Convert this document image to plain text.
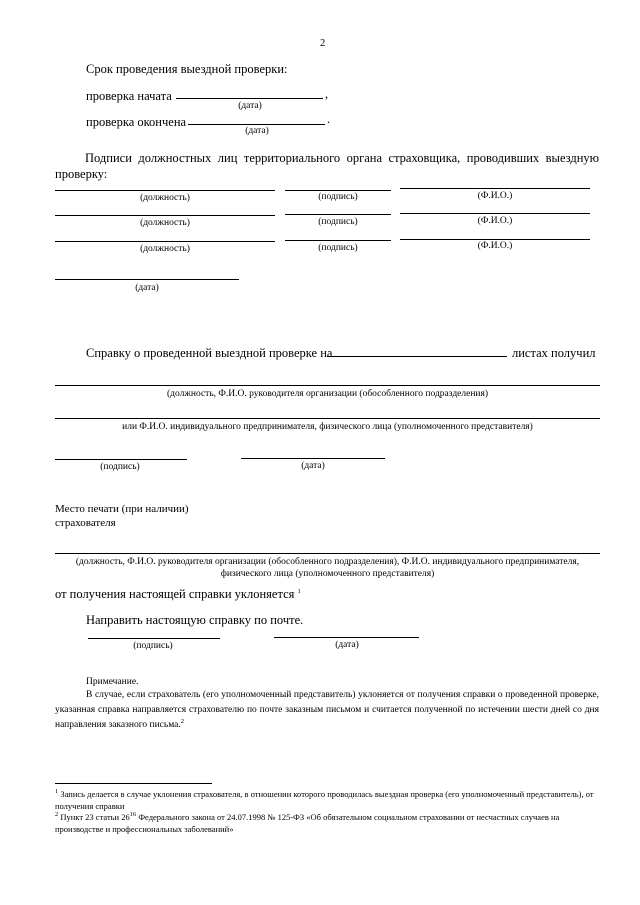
2
Срок проведения выездной проверки:
проверка начата	,
(дата)
проверка окончена	.
(дата)
Подписи должностных лиц территориального органа страховщика, проводивших выездную проверку:
(должность)	(подпись)	(Ф.И.О.)
(должность)	(подпись)	(Ф.И.О.)
(должность)	(подпись)	(Ф.И.О.)
(дата)
Справку о проведенной выездной проверке на	листах получил
(должность, Ф.И.О. руководителя организации (обособленного подразделения)
или Ф.И.О. индивидуального предпринимателя, физического лица (уполномоченного представителя)
(подпись)	(дата)
Место печати (при наличии)
страхователя
(должность, Ф.И.О. руководителя организации (обособленного подразделения), Ф.И.О. индивидуального предпринимателя,
физического лица (уполномоченного представителя)
от получения настоящей справки уклоняется $^1$
Направить настоящую справку по почте.
(подпись)	(дата)
Примечание.
В случае, если страхователь (его уполномоченный представитель) уклоняется от получения справки о проведенной проверке, указанная справка направляется страхователю по почте заказным письмом и считается полученной по истечении шести дней со дня направления заказного письма.$^2$
$^1$ Запись делается в случае уклонения страхователя, в отношении которого проводилась выездная проверка (его уполномоченный представитель), от получения справки
$^2$ Пункт 23 статьи $26^{16}$ Федерального закона от 24.07.1998 № 125-ФЗ «Об обязательном социальном страховании от несчастных случаев на производстве и профессиональных заболеваний»
